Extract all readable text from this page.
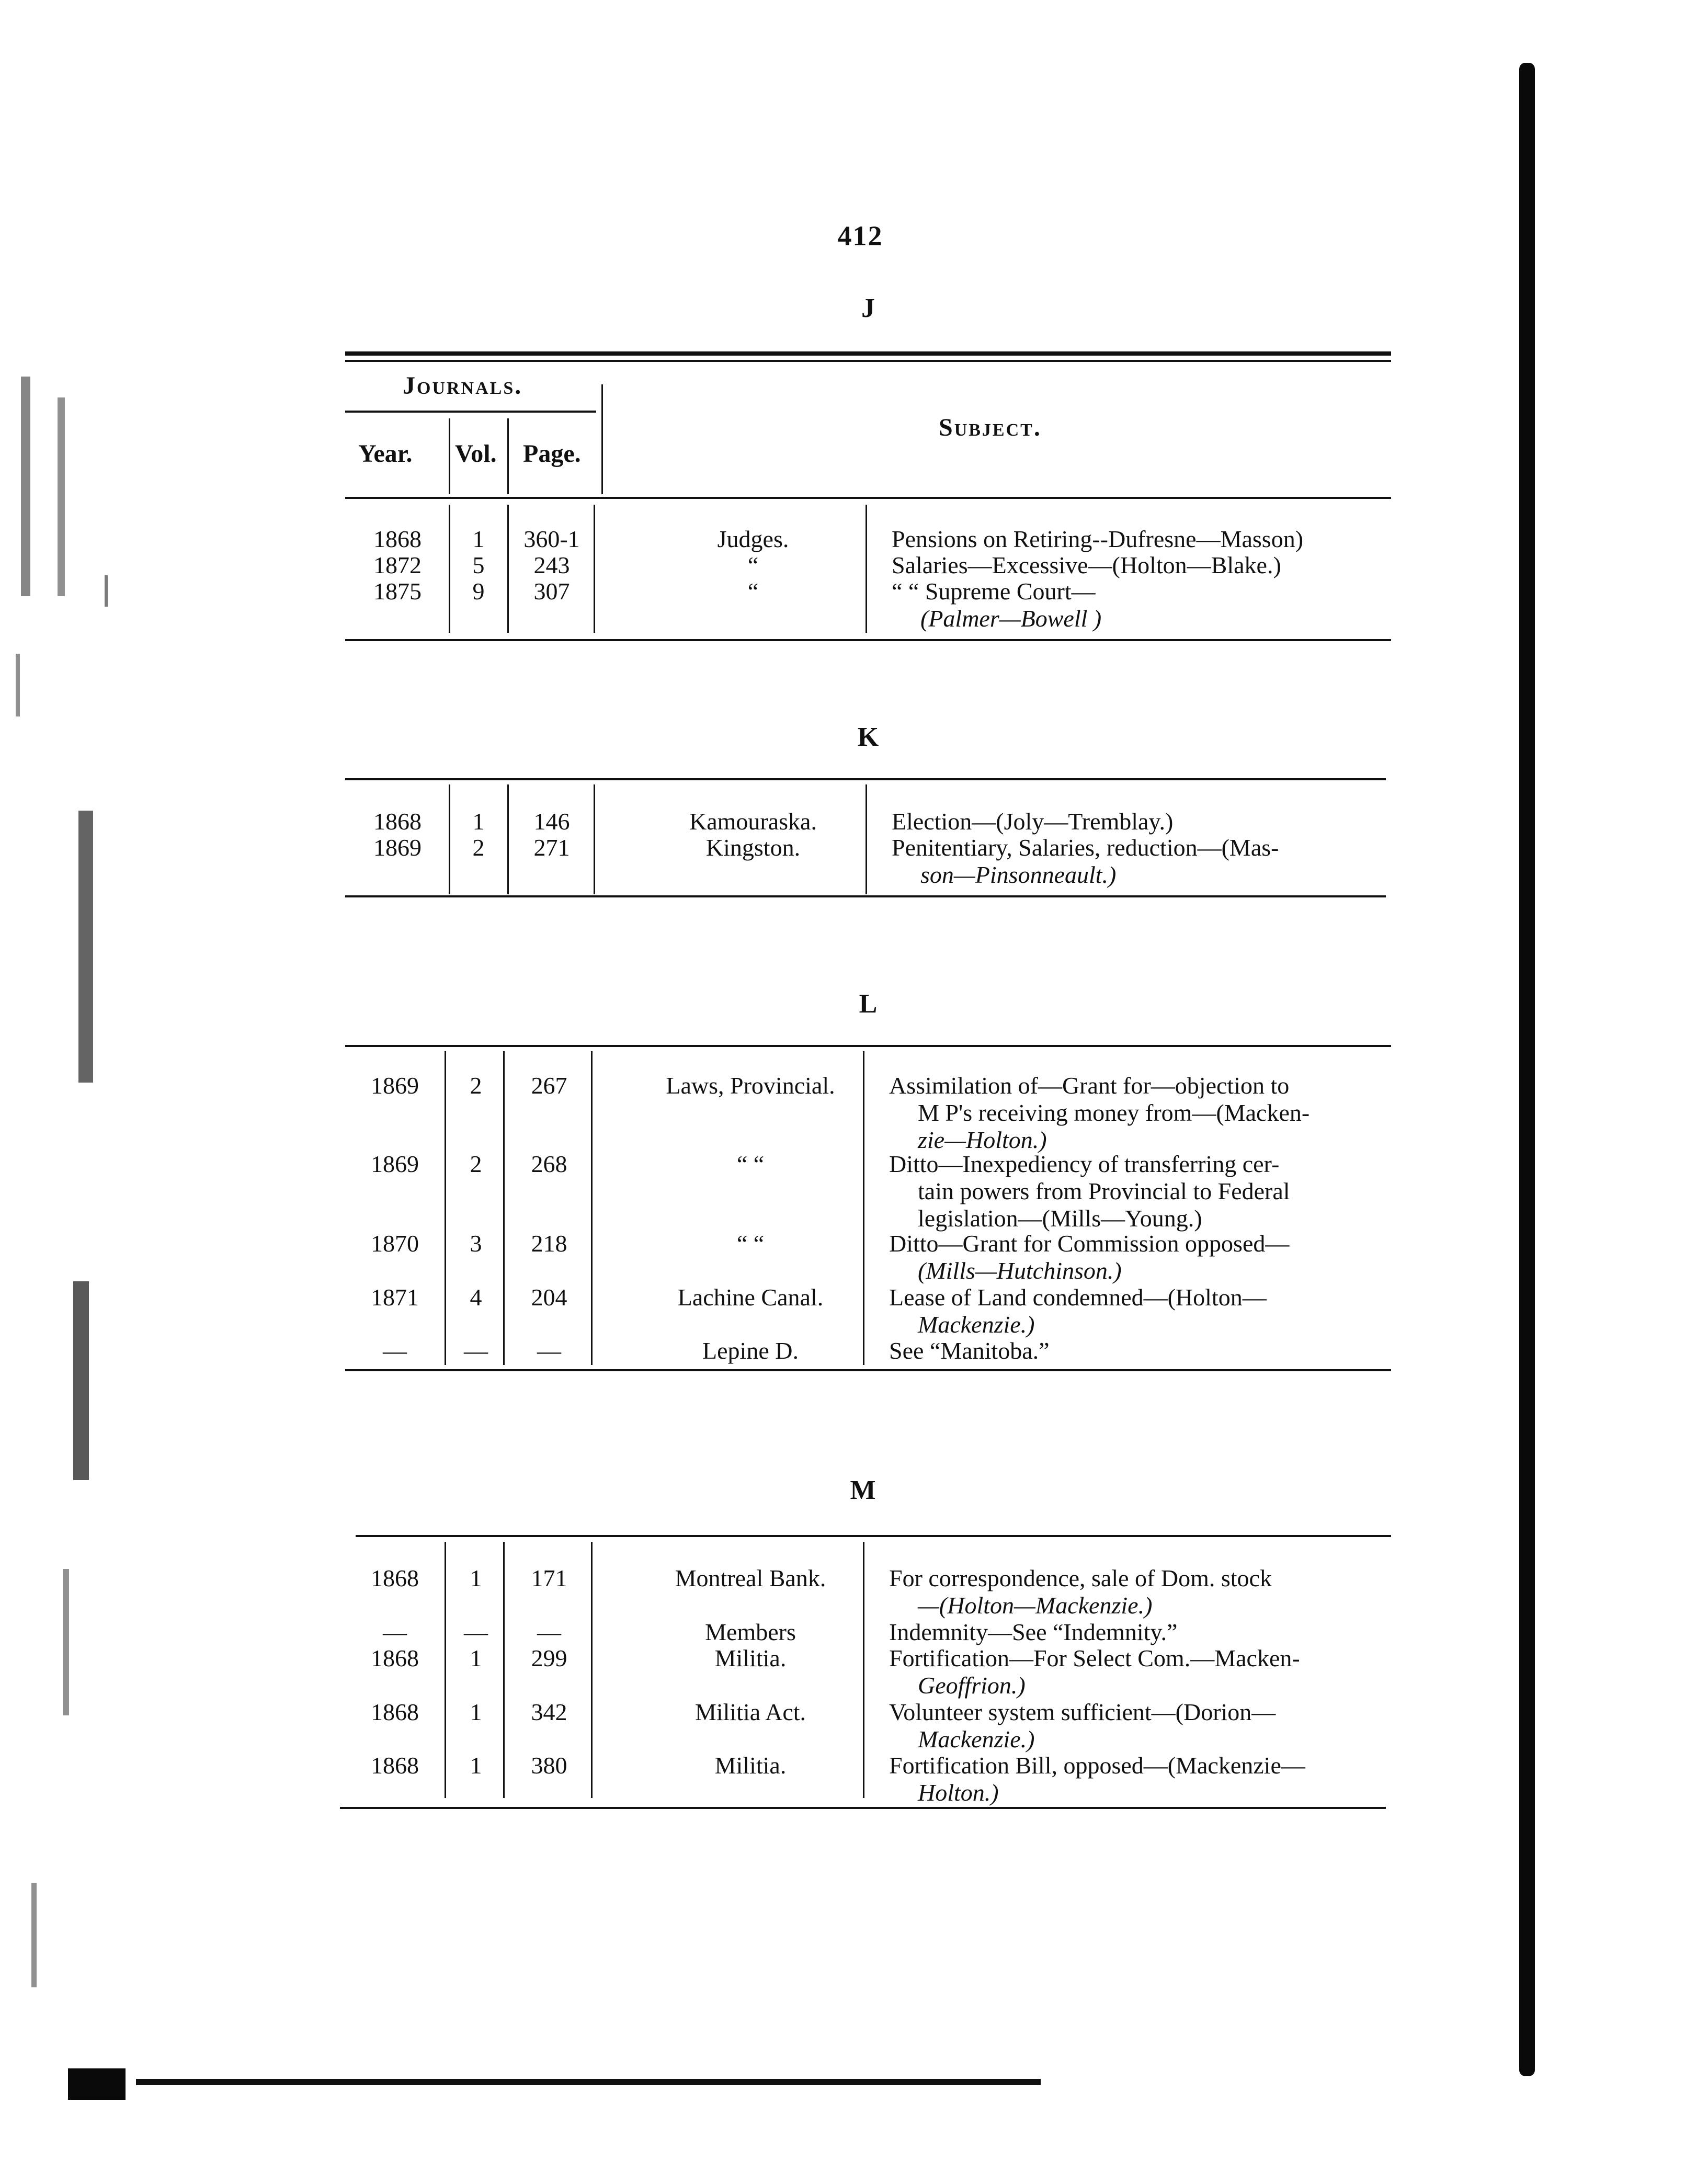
412
J
Journals.
Year. Vol. Page.
Subject.
1868	1	360-1	Judges.	Pensions on Retiring--Dufresne—Masson)
1872	5	243	“	Salaries—Excessive—(Holton—Blake.)
1875	9	307	“	“ “ Supreme Court—
(Palmer—Bowell )
K
1868	1	146	Kamouraska.	Election—(Joly—Tremblay.)
1869	2	271	Kingston.	Penitentiary, Salaries, reduction—(Mas-
son—Pinsonneault.)
L
1869	2	267	Laws, Provincial.	Assimilation of—Grant for—objection to
M P's receiving money from—(Macken-
zie—Holton.)
1869	2	268	“ “	Ditto—Inexpediency of transferring cer-
tain powers from Provincial to Federal
legislation—(Mills—Young.)
1870	3	218	“ “	Ditto—Grant for Commission opposed—
(Mills—Hutchinson.)
1871	4	204	Lachine Canal.	Lease of Land condemned—(Holton—
Mackenzie.)
—	—	—	Lepine D.	See “Manitoba.”
M
1868	1	171	Montreal Bank.	For correspondence, sale of Dom. stock
—(Holton—Mackenzie.)
—	—	—	Members	Indemnity—See “Indemnity.”
1868	1	299	Militia.	Fortification—For Select Com.—Macken-
Geoffrion.)
1868	1	342	Militia Act.	Volunteer system sufficient—(Dorion—
Mackenzie.)
1868	1	380	Militia.	Fortification Bill, opposed—(Mackenzie—
Holton.)
